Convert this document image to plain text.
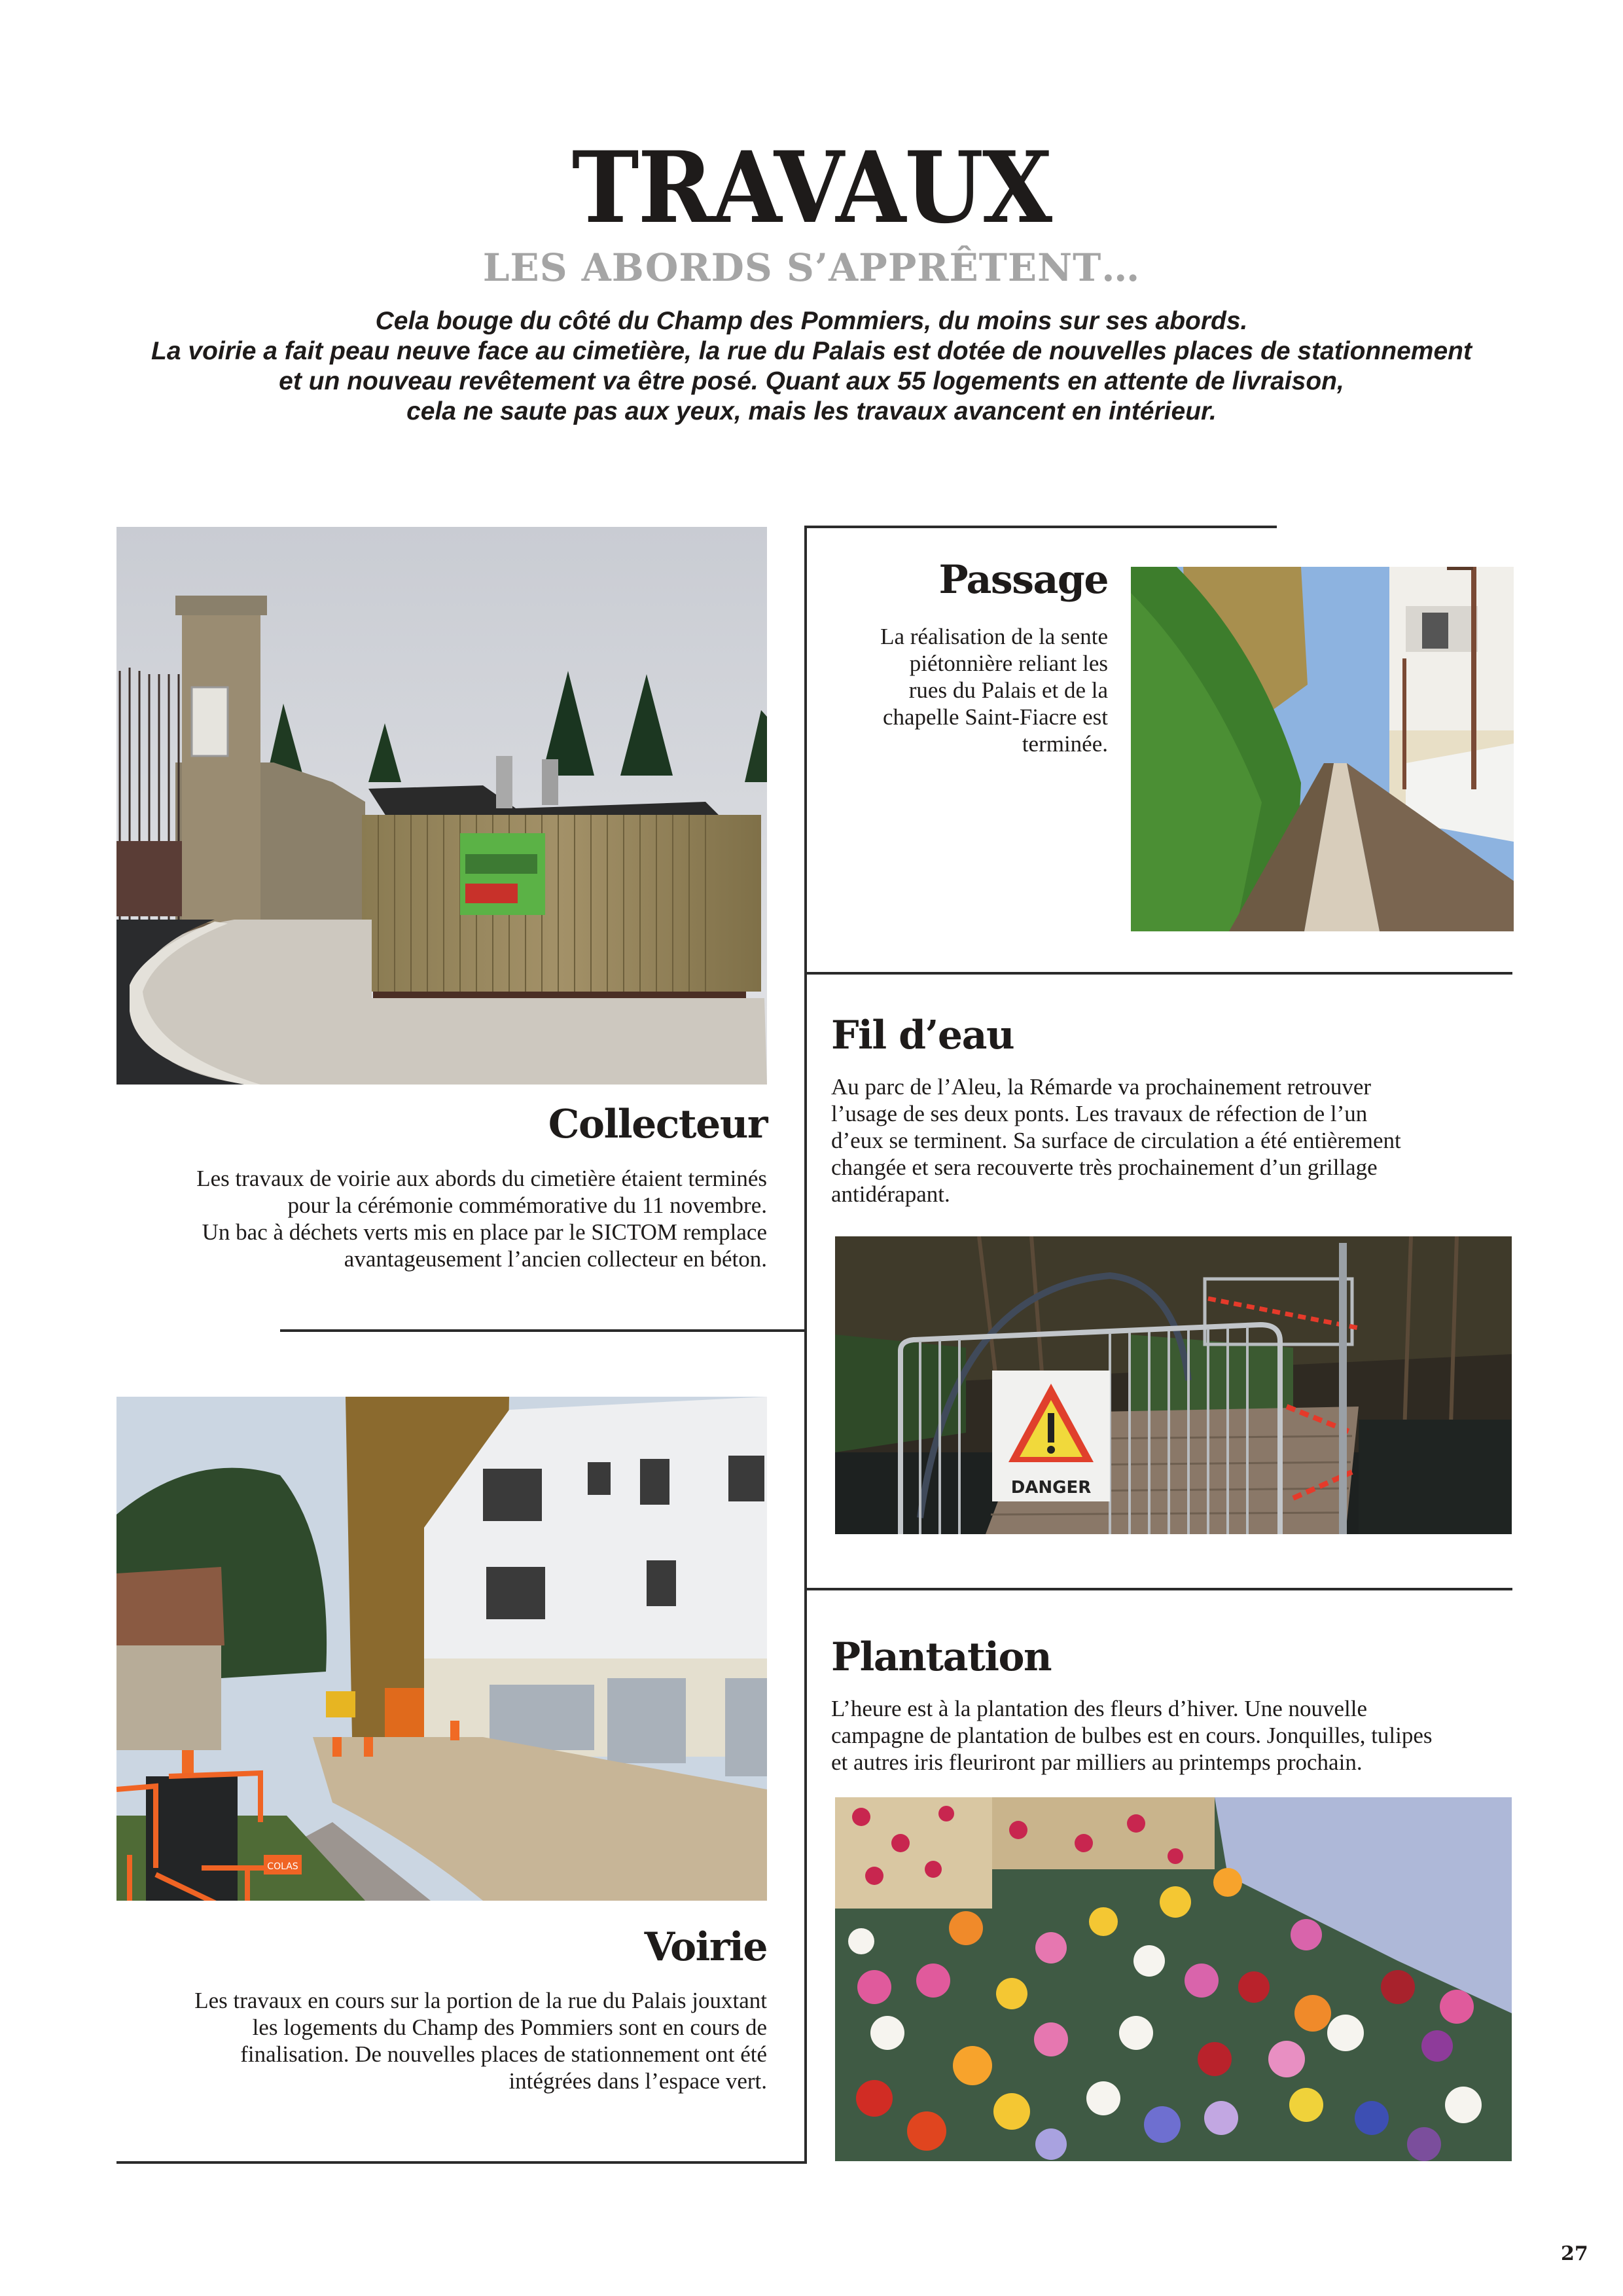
TRAVAUX
LES ABORDS S’APPRÊTENT…
Cela bouge du côté du Champ des Pommiers, du moins sur ses abords.
La voirie a fait peau neuve face au cimetière, la rue du Palais est dotée de nouvelles places de stationnement
et un nouveau revêtement va être posé. Quant aux 55 logements en attente de livraison,
cela ne saute pas aux yeux, mais les travaux avancent en intérieur.
Collecteur
Les travaux de voirie aux abords du cimetière étaient terminés
pour la cérémonie commémorative du 11 novembre.
Un bac à déchets verts mis en place par le SICTOM remplace
avantageusement l’ancien collecteur en béton.
Passage
La réalisation de la sente
piétonnière reliant les
rues du Palais et de la
chapelle Saint-Fiacre est
terminée.
Fil d’eau
Au parc de l’Aleu, la Rémarde va prochainement retrouver
l’usage de ses deux ponts. Les travaux de réfection de l’un
d’eux se terminent. Sa surface de circulation a été entièrement
changée et sera recouverte très prochainement d’un grillage
antidérapant.
DANGER
COLAS
Voirie
Les travaux en cours sur la portion de la rue du Palais jouxtant
les logements du Champ des Pommiers sont en cours de
finalisation. De nouvelles places de stationnement ont été
intégrées dans l’espace vert.
Plantation
L’heure est à la plantation des fleurs d’hiver. Une nouvelle
campagne de plantation de bulbes est en cours. Jonquilles, tulipes
et autres iris fleuriront par milliers au printemps prochain.
27
